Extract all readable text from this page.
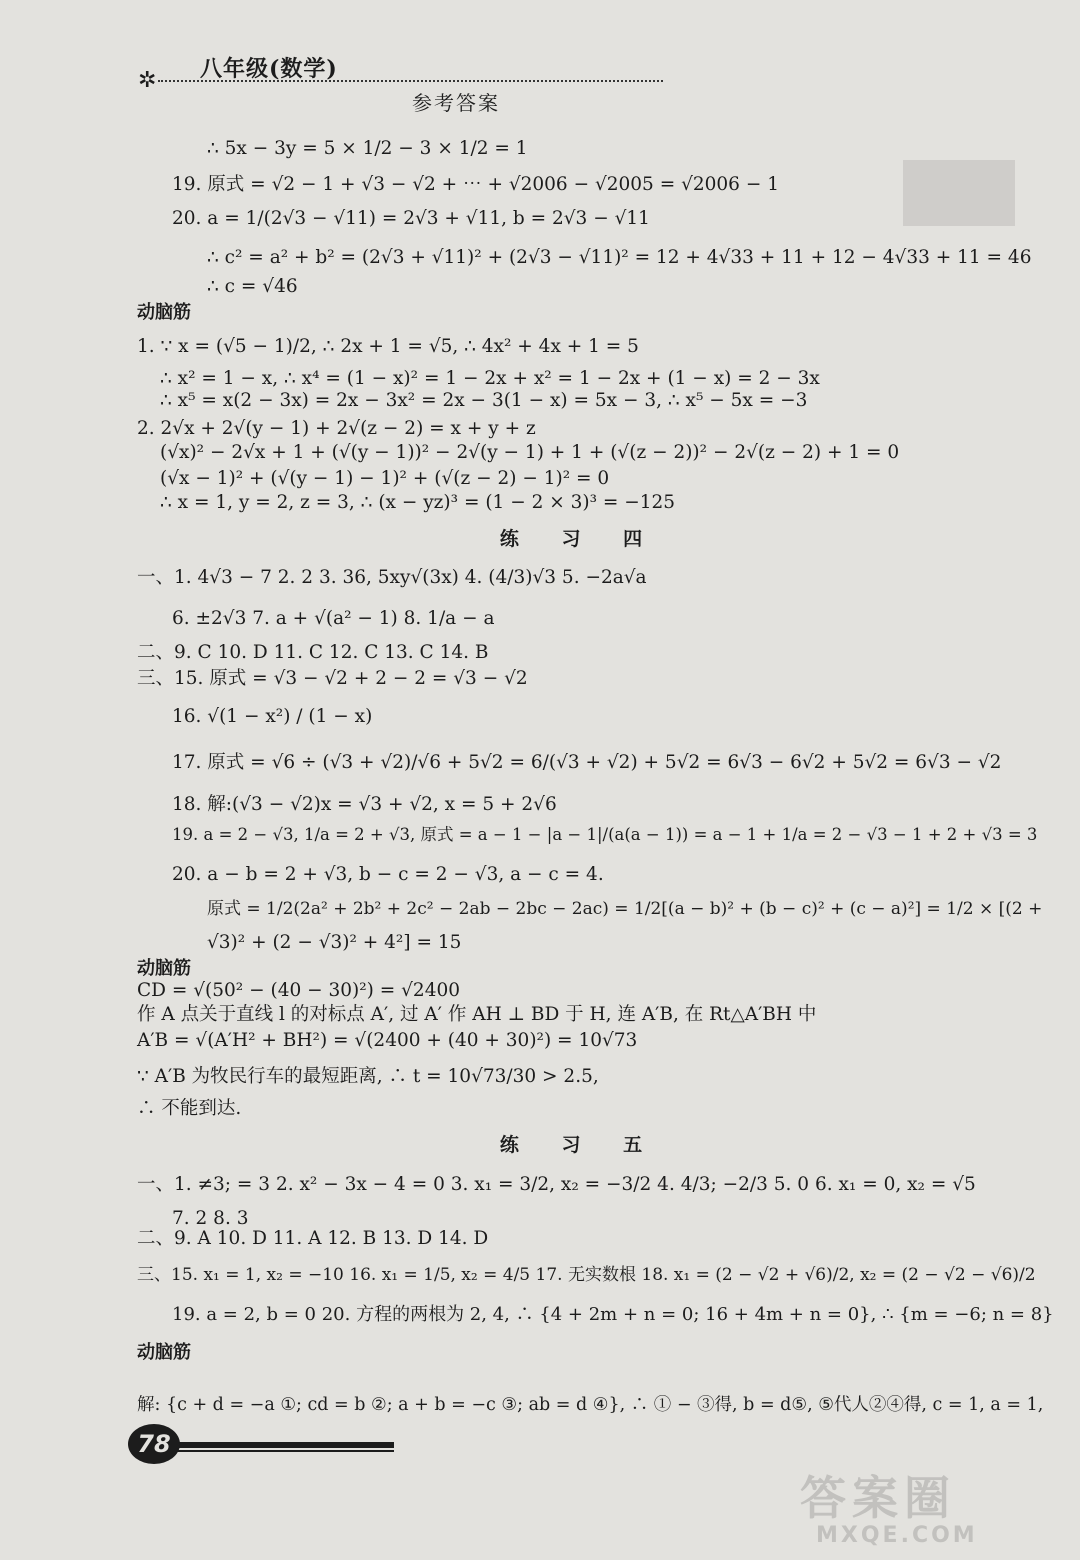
✲ 八年级(数学)
参考答案
∴ 5x − 3y = 5 × 1/2 − 3 × 1/2 = 1
19. 原式 = √2 − 1 + √3 − √2 + ⋯ + √2006 − √2005 = √2006 − 1
20. a = 1/(2√3 − √11) = 2√3 + √11, b = 2√3 − √11
∴ c² = a² + b² = (2√3 + √11)² + (2√3 − √11)² = 12 + 4√33 + 11 + 12 − 4√33 + 11 = 46
∴ c = √46
动脑筋
1. ∵ x = (√5 − 1)/2, ∴ 2x + 1 = √5, ∴ 4x² + 4x + 1 = 5
∴ x² = 1 − x, ∴ x⁴ = (1 − x)² = 1 − 2x + x² = 1 − 2x + (1 − x) = 2 − 3x
∴ x⁵ = x(2 − 3x) = 2x − 3x² = 2x − 3(1 − x) = 5x − 3, ∴ x⁵ − 5x = −3
2. 2√x + 2√(y − 1) + 2√(z − 2) = x + y + z
(√x)² − 2√x + 1 + (√(y − 1))² − 2√(y − 1) + 1 + (√(z − 2))² − 2√(z − 2) + 1 = 0
(√x − 1)² + (√(y − 1) − 1)² + (√(z − 2) − 1)² = 0
∴ x = 1, y = 2, z = 3, ∴ (x − yz)³ = (1 − 2 × 3)³ = −125
练 习 四
一、1. 4√3 − 7 2. 2 3. 36, 5xy√(3x) 4. (4/3)√3 5. −2a√a
6. ±2√3 7. a + √(a² − 1) 8. 1/a − a
二、9. C 10. D 11. C 12. C 13. C 14. B
三、15. 原式 = √3 − √2 + 2 − 2 = √3 − √2
16. √(1 − x²) / (1 − x)
17. 原式 = √6 ÷ (√3 + √2)/√6 + 5√2 = 6/(√3 + √2) + 5√2 = 6√3 − 6√2 + 5√2 = 6√3 − √2
18. 解:(√3 − √2)x = √3 + √2, x = 5 + 2√6
19. a = 2 − √3, 1/a = 2 + √3, 原式 = a − 1 − |a − 1|/(a(a − 1)) = a − 1 + 1/a = 2 − √3 − 1 + 2 + √3 = 3
20. a − b = 2 + √3, b − c = 2 − √3, a − c = 4.
原式 = 1/2(2a² + 2b² + 2c² − 2ab − 2bc − 2ac) = 1/2[(a − b)² + (b − c)² + (c − a)²] = 1/2 × [(2 +
√3)² + (2 − √3)² + 4²] = 15
动脑筋
CD = √(50² − (40 − 30)²) = √2400
作 A 点关于直线 l 的对标点 A′, 过 A′ 作 AH ⊥ BD 于 H, 连 A′B, 在 Rt△A′BH 中
A′B = √(A′H² + BH²) = √(2400 + (40 + 30)²) = 10√73
∵ A′B 为牧民行车的最短距离, ∴ t = 10√73/30 > 2.5,
∴ 不能到达.
练 习 五
一、1. ≠3; = 3 2. x² − 3x − 4 = 0 3. x₁ = 3/2, x₂ = −3/2 4. 4/3; −2/3 5. 0 6. x₁ = 0, x₂ = √5
7. 2 8. 3
二、9. A 10. D 11. A 12. B 13. D 14. D
三、15. x₁ = 1, x₂ = −10 16. x₁ = 1/5, x₂ = 4/5 17. 无实数根 18. x₁ = (2 − √2 + √6)/2, x₂ = (2 − √2 − √6)/2
19. a = 2, b = 0 20. 方程的两根为 2, 4, ∴ {4 + 2m + n = 0; 16 + 4m + n = 0}, ∴ {m = −6; n = 8}
动脑筋
解: {c + d = −a ①; cd = b ②; a + b = −c ③; ab = d ④}, ∴ ① − ③得, b = d⑤, ⑤代人②④得, c = 1, a = 1,
78
答案圈
MXQE.COM
